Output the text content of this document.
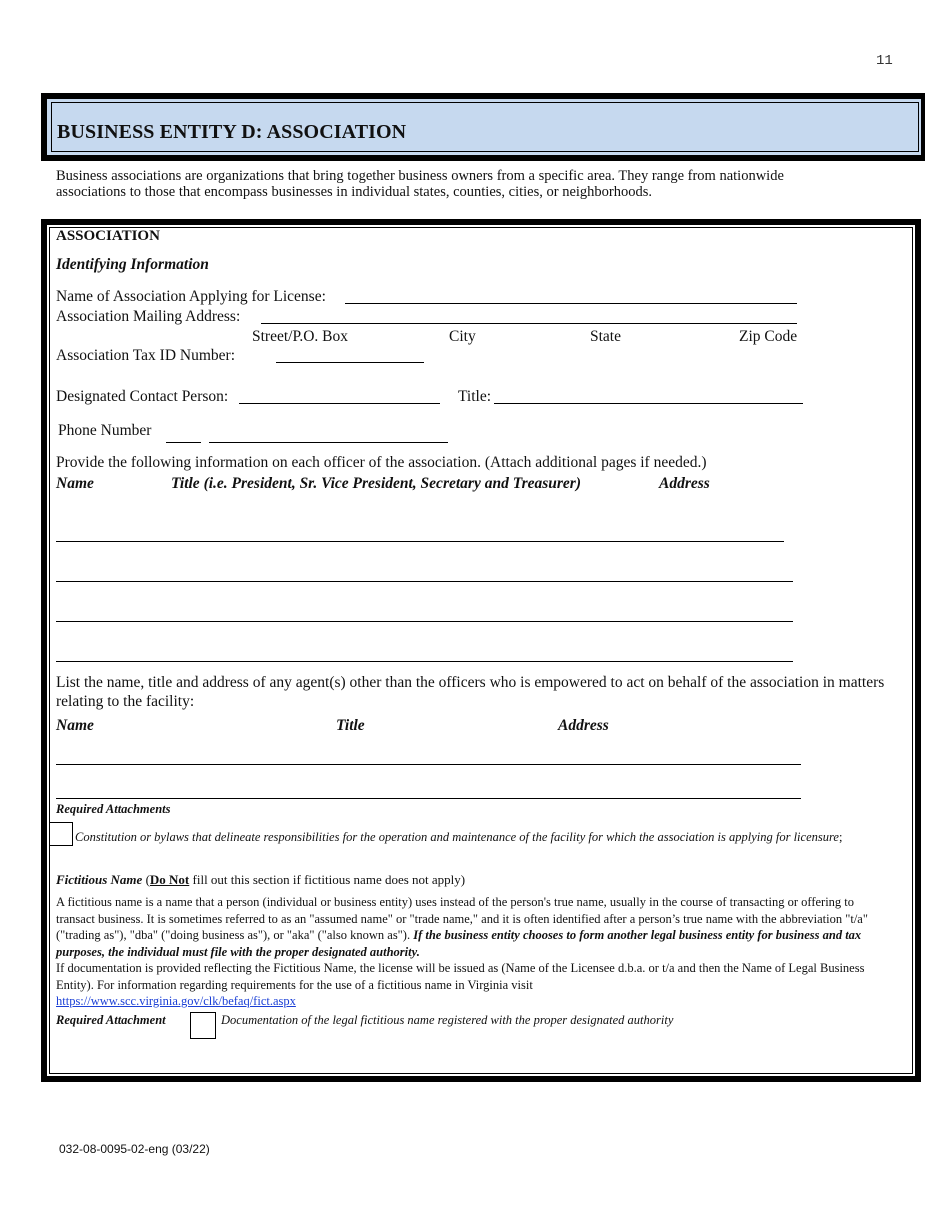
11
BUSINESS ENTITY D: ASSOCIATION
Business associations are organizations that bring together business owners from a specific area. They range from nationwide associations to those that encompass businesses in individual states, counties, cities, or neighborhoods.
ASSOCIATION
Identifying Information
Name of Association Applying for License:
Association Mailing Address:
Street/P.O. Box	City	State	Zip Code
Association Tax ID Number:
Designated Contact Person:	Title:
Phone Number
Provide the following information on each officer of the association. (Attach additional pages if needed.)
Name	Title (i.e. President, Sr. Vice President, Secretary and Treasurer)	Address
List the name, title and address of any agent(s) other than the officers who is empowered to act on behalf of the association in matters relating to the facility:
Name	Title	Address
Required Attachments
Constitution or bylaws that delineate responsibilities for the operation and maintenance of the facility for which the association is applying for licensure;
Fictitious Name (Do Not fill out this section if fictitious name does not apply)
A fictitious name is a name that a person (individual or business entity) uses instead of the person's true name, usually in the course of transacting or offering to transact business. It is sometimes referred to as an "assumed name" or "trade name," and it is often identified after a person’s true name with the abbreviation "t/a" ("trading as"), "dba" ("doing business as"), or "aka" ("also known as"). If the business entity chooses to form another legal business entity for business and tax purposes, the individual must file with the proper designated authority.
If documentation is provided reflecting the Fictitious Name, the license will be issued as (Name of the Licensee d.b.a. or t/a and then the Name of Legal Business Entity). For information regarding requirements for the use of a fictitious name in Virginia visit
https://www.scc.virginia.gov/clk/befaq/fict.aspx
Required Attachment	Documentation of the legal fictitious name registered with the proper designated authority
032-08-0095-02-eng (03/22)
